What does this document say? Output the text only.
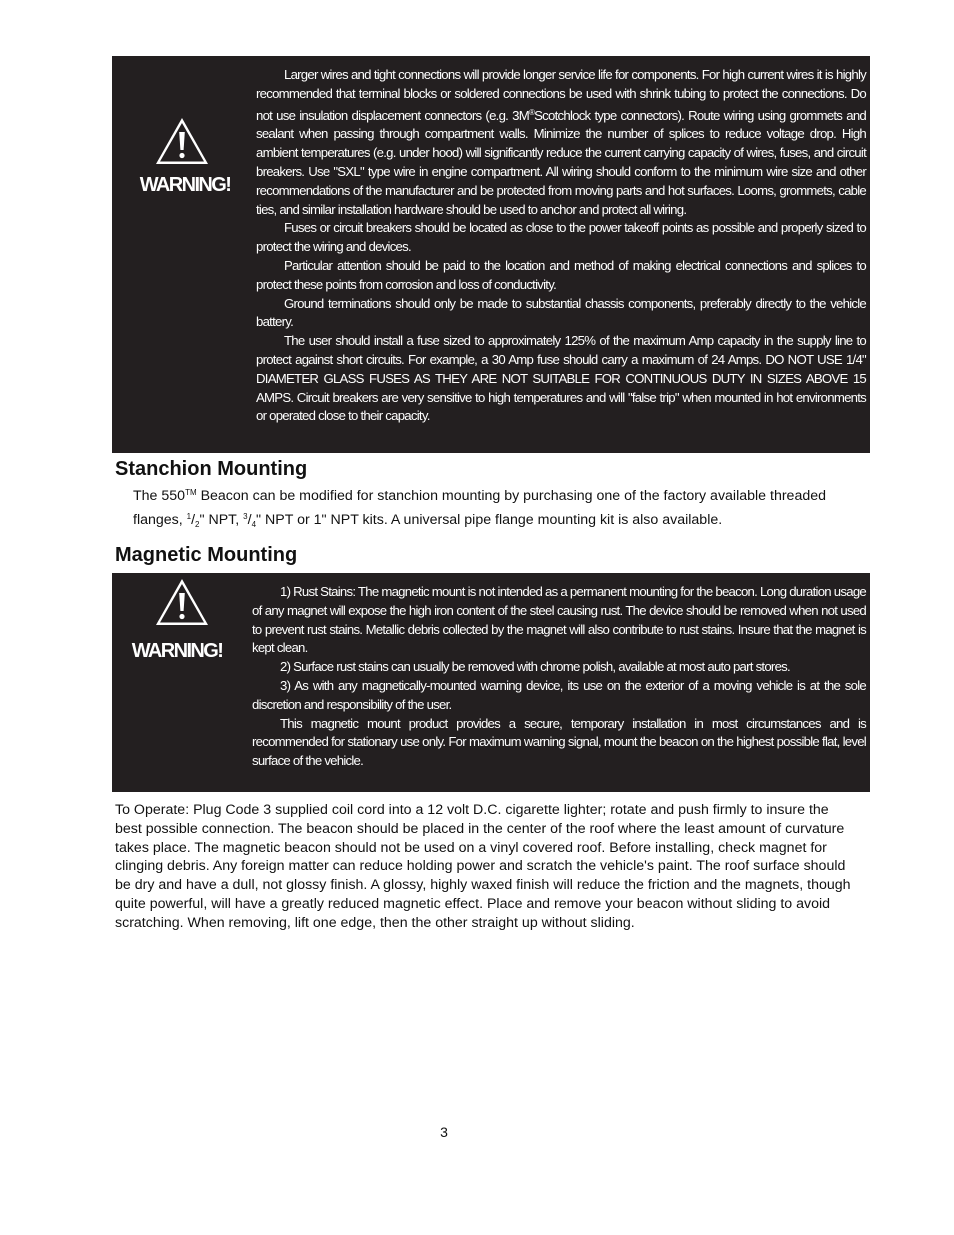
WARNING!

Larger wires and tight connections will provide longer service life for components. For high current wires it is highly recommended that terminal blocks or soldered connections be used with shrink tubing to protect the connections. Do not use insulation displacement connectors (e.g. 3M®Scotchlock type connectors). Route wiring using grommets and sealant when passing through compartment walls. Minimize the number of splices to reduce voltage drop. High ambient temperatures (e.g. under hood) will significantly reduce the current carrying capacity of wires, fuses, and circuit breakers. Use "SXL" type wire in engine compartment. All wiring should conform to the minimum wire size and other recommendations of the manufacturer and be protected from moving parts and hot surfaces. Looms, grommets, cable ties, and similar installation hardware should be used to anchor and protect all wiring.

Fuses or circuit breakers should be located as close to the power takeoff points as possible and properly sized to protect the wiring and devices.

Particular attention should be paid to the location and method of making electrical connections and splices to protect these points from corrosion and loss of conductivity.

Ground terminations should only be made to substantial chassis components, preferably directly to the vehicle battery.

The user should install a fuse sized to approximately 125% of the maximum Amp capacity in the supply line to protect against short circuits. For example, a 30 Amp fuse should carry a maximum of 24 Amps. DO NOT USE 1/4" DIAMETER GLASS FUSES AS THEY ARE NOT SUITABLE FOR CONTINUOUS DUTY IN SIZES ABOVE 15 AMPS. Circuit breakers are very sensitive to high temperatures and will "false trip" when mounted in hot environments or operated close to their capacity.

Stanchion Mounting

The 550™ Beacon can be modified for stanchion mounting by purchasing one of the factory available threaded flanges, $^1/_2$" NPT, $^3/_4$" NPT or 1" NPT kits. A universal pipe flange mounting kit is also available.

Magnetic Mounting
WARNING!

1) Rust Stains: The magnetic mount is not intended as a permanent mounting for the beacon. Long duration usage of any magnet will expose the high iron content of the steel causing rust. The device should be removed when not used to prevent rust stains. Metallic debris collected by the magnet will also contribute to rust stains. Insure that the magnet is kept clean.

2) Surface rust stains can usually be removed with chrome polish, available at most auto part stores.

3) As with any magnetically-mounted warning device, its use on the exterior of a moving vehicle is at the sole discretion and responsibility of the user.

This magnetic mount product provides a secure, temporary installation in most circumstances and is recommended for stationary use only. For maximum warning signal, mount the beacon on the highest possible flat, level surface of the vehicle.

To Operate: Plug Code 3 supplied coil cord into a 12 volt D.C. cigarette lighter; rotate and push firmly to insure the best possible connection. The beacon should be placed in the center of the roof where the least amount of curvature takes place. The magnetic beacon should not be used on a vinyl covered roof. Before installing, check magnet for clinging debris. Any foreign matter can reduce holding power and scratch the vehicle's paint. The roof surface should be dry and have a dull, not glossy finish. A glossy, highly waxed finish will reduce the friction and the magnets, though quite powerful, will have a greatly reduced magnetic effect. Place and remove your beacon without sliding to avoid scratching. When removing, lift one edge, then the other straight up without sliding.

3
